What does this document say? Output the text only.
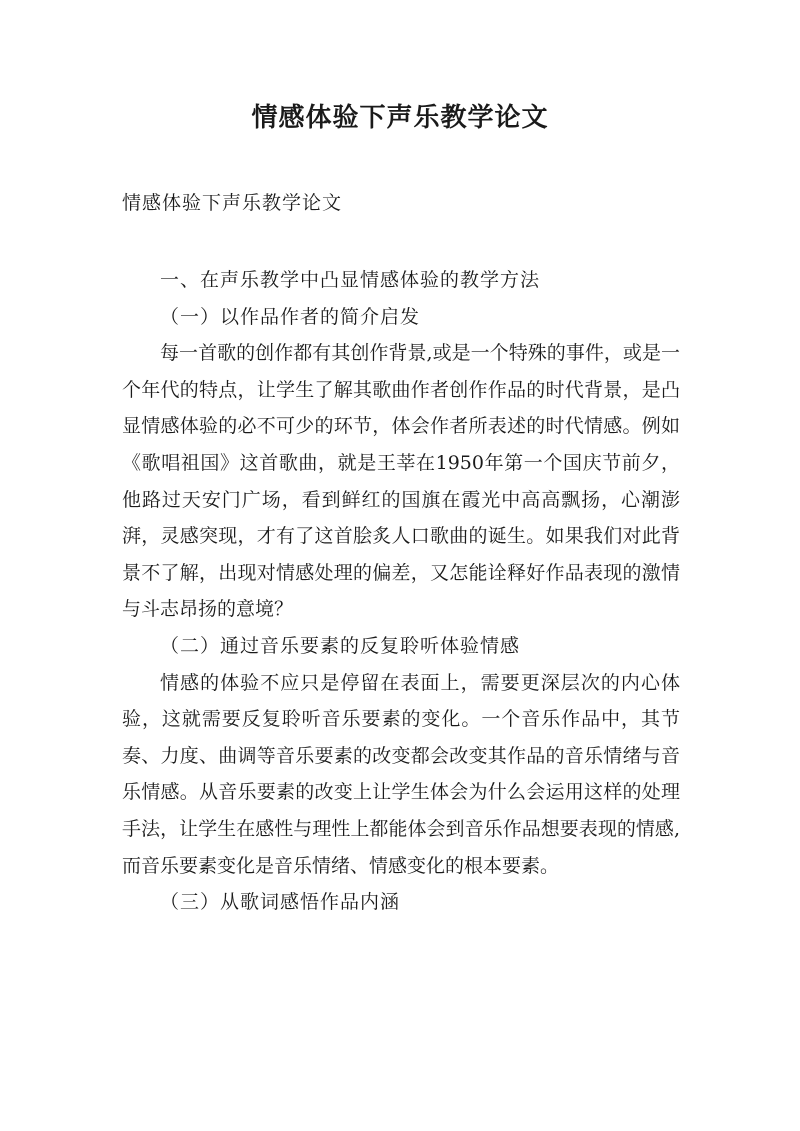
情感体验下声乐教学论文
情感体验下声乐教学论文

一、在声乐教学中凸显情感体验的教学方法

（一）以作品作者的简介启发

每一首歌的创作都有其创作背景,或是一个特殊的事件，或是一个年代的特点，让学生了解其歌曲作者创作作品的时代背景，是凸显情感体验的必不可少的环节，体会作者所表述的时代情感。例如《歌唱祖国》这首歌曲，就是王莘在1950年第一个国庆节前夕，他路过天安门广场，看到鲜红的国旗在霞光中高高飘扬，心潮澎湃，灵感突现，才有了这首脍炙人口歌曲的诞生。如果我们对此背景不了解，出现对情感处理的偏差，又怎能诠释好作品表现的激情与斗志昂扬的意境？

（二）通过音乐要素的反复聆听体验情感

情感的体验不应只是停留在表面上，需要更深层次的内心体验，这就需要反复聆听音乐要素的变化。一个音乐作品中，其节奏、力度、曲调等音乐要素的改变都会改变其作品的音乐情绪与音乐情感。从音乐要素的改变上让学生体会为什么会运用这样的处理手法，让学生在感性与理性上都能体会到音乐作品想要表现的情感,而音乐要素变化是音乐情绪、情感变化的根本要素。

（三）从歌词感悟作品内涵
